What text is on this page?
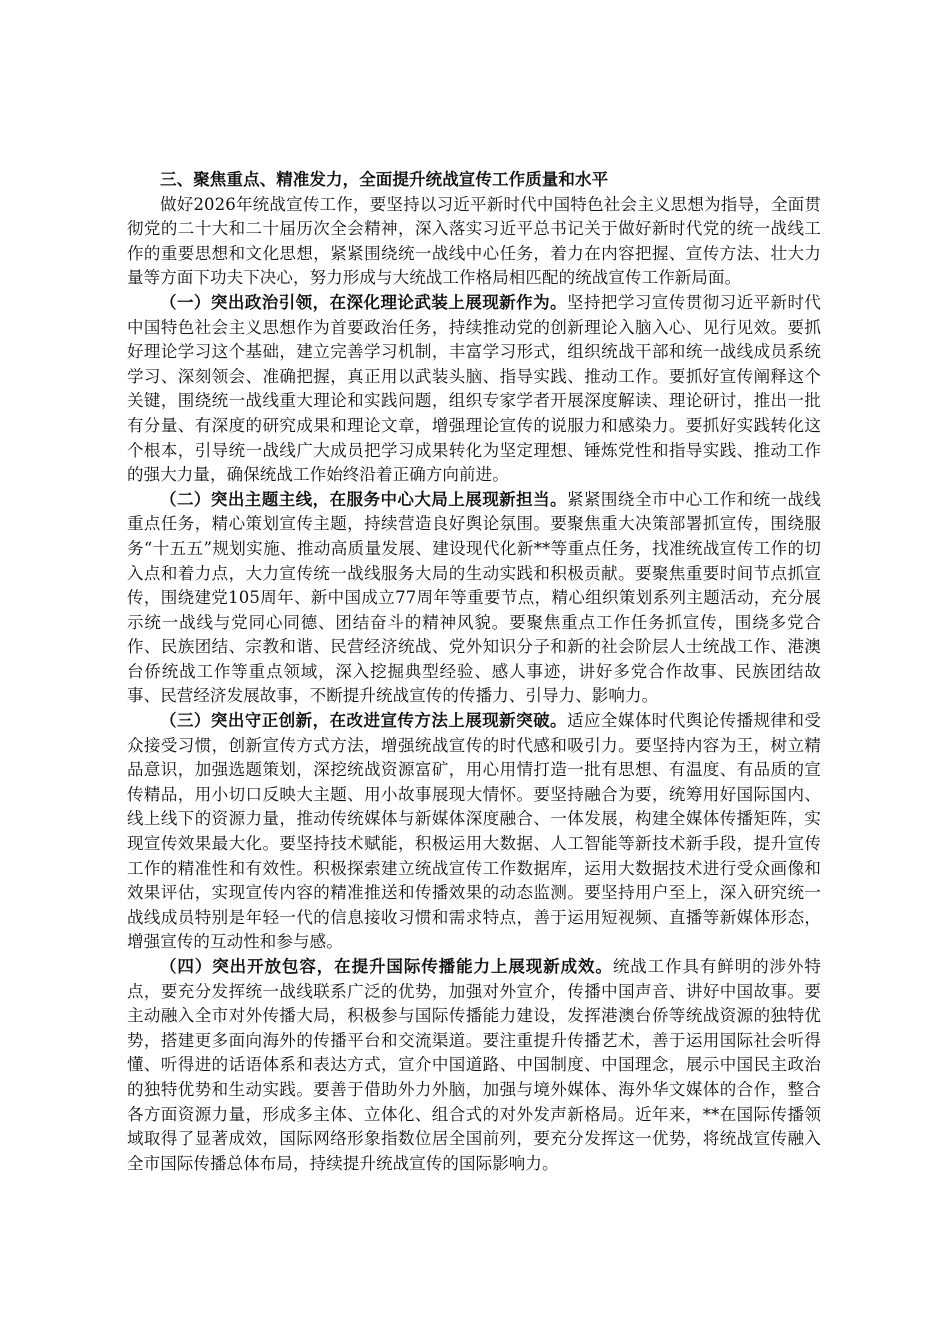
三、聚焦重点、精准发力，全面提升统战宣传工作质量和水平

做好2026年统战宣传工作，要坚持以习近平新时代中国特色社会主义思想为指导，全面贯彻党的二十大和二十届历次全会精神，深入落实习近平总书记关于做好新时代党的统一战线工作的重要思想和文化思想，紧紧围绕统一战线中心任务，着力在内容把握、宣传方法、壮大力量等方面下功夫下决心，努力形成与大统战工作格局相匹配的统战宣传工作新局面。

（一）突出政治引领，在深化理论武装上展现新作为。坚持把学习宣传贯彻习近平新时代中国特色社会主义思想作为首要政治任务，持续推动党的创新理论入脑入心、见行见效。要抓好理论学习这个基础，建立完善学习机制，丰富学习形式，组织统战干部和统一战线成员系统学习、深刻领会、准确把握，真正用以武装头脑、指导实践、推动工作。要抓好宣传阐释这个关键，围绕统一战线重大理论和实践问题，组织专家学者开展深度解读、理论研讨，推出一批有分量、有深度的研究成果和理论文章，增强理论宣传的说服力和感染力。要抓好实践转化这个根本，引导统一战线广大成员把学习成果转化为坚定理想、锤炼党性和指导实践、推动工作的强大力量，确保统战工作始终沿着正确方向前进。

（二）突出主题主线，在服务中心大局上展现新担当。紧紧围绕全市中心工作和统一战线重点任务，精心策划宣传主题，持续营造良好舆论氛围。要聚焦重大决策部署抓宣传，围绕服务“十五五”规划实施、推动高质量发展、建设现代化新**等重点任务，找准统战宣传工作的切入点和着力点，大力宣传统一战线服务大局的生动实践和积极贡献。要聚焦重要时间节点抓宣传，围绕建党105周年、新中国成立77周年等重要节点，精心组织策划系列主题活动，充分展示统一战线与党同心同德、团结奋斗的精神风貌。要聚焦重点工作任务抓宣传，围绕多党合作、民族团结、宗教和谐、民营经济统战、党外知识分子和新的社会阶层人士统战工作、港澳台侨统战工作等重点领域，深入挖掘典型经验、感人事迹，讲好多党合作故事、民族团结故事、民营经济发展故事，不断提升统战宣传的传播力、引导力、影响力。

（三）突出守正创新，在改进宣传方法上展现新突破。适应全媒体时代舆论传播规律和受众接受习惯，创新宣传方式方法，增强统战宣传的时代感和吸引力。要坚持内容为王，树立精品意识，加强选题策划，深挖统战资源富矿，用心用情打造一批有思想、有温度、有品质的宣传精品，用小切口反映大主题、用小故事展现大情怀。要坚持融合为要，统筹用好国际国内、线上线下的资源力量，推动传统媒体与新媒体深度融合、一体发展，构建全媒体传播矩阵，实现宣传效果最大化。要坚持技术赋能，积极运用大数据、人工智能等新技术新手段，提升宣传工作的精准性和有效性。积极探索建立统战宣传工作数据库，运用大数据技术进行受众画像和效果评估，实现宣传内容的精准推送和传播效果的动态监测。要坚持用户至上，深入研究统一战线成员特别是年轻一代的信息接收习惯和需求特点，善于运用短视频、直播等新媒体形态，增强宣传的互动性和参与感。

（四）突出开放包容，在提升国际传播能力上展现新成效。统战工作具有鲜明的涉外特点，要充分发挥统一战线联系广泛的优势，加强对外宣介，传播中国声音、讲好中国故事。要主动融入全市对外传播大局，积极参与国际传播能力建设，发挥港澳台侨等统战资源的独特优势，搭建更多面向海外的传播平台和交流渠道。要注重提升传播艺术，善于运用国际社会听得懂、听得进的话语体系和表达方式，宣介中国道路、中国制度、中国理念，展示中国民主政治的独特优势和生动实践。要善于借助外力外脑，加强与境外媒体、海外华文媒体的合作，整合各方面资源力量，形成多主体、立体化、组合式的对外发声新格局。近年来，**在国际传播领域取得了显著成效，国际网络形象指数位居全国前列，要充分发挥这一优势，将统战宣传融入全市国际传播总体布局，持续提升统战宣传的国际影响力。
